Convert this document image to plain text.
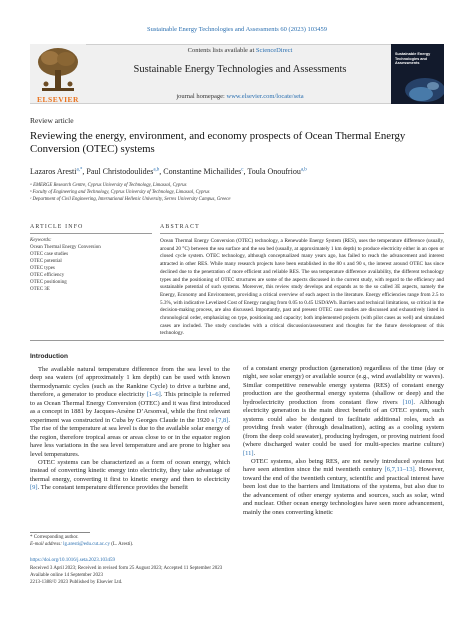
Sustainable Energy Technologies and Assessments 60 (2023) 103459
ELSEVIER
Contents lists available at ScienceDirect
Sustainable Energy Technologies and Assessments
journal homepage: www.elsevier.com/locate/seta
Sustainable Energy Technologies and Assessments
Review article
Reviewing the energy, environment, and economy prospects of Ocean Thermal Energy Conversion (OTEC) systems
Lazaros Aresti$^{a,*}$, Paul Christodoulides$^{a,b}$, Constantine Michailides$^c$, Toula Onoufriou$^{a,b}$
ᵃ EMERGE Research Centre, Cyprus University of Technology, Limassol, Cyprus
ᵇ Faculty of Engineering and Technology, Cyprus University of Technology, Limassol, Cyprus
ᶜ Department of Civil Engineering, International Hellenic University, Serres University Campus, Greece
ARTICLE INFO	ABSTRACT
Keywords:
Ocean Thermal Energy Conversion
OTEC case studies
OTEC potential
OTEC types
OTEC efficiency
OTEC positioning
OTEC 3E
Ocean Thermal Energy Conversion (OTEC) technology, a Renewable Energy System (RES), uses the temperature difference (usually, around 20 °C) between the sea surface and the sea bed (usually, at approximately 1 km depth) to produce electricity either in an open or closed cycle system. OTEC technology, although conceptualized many years ago, has failed to reach the advancement and interest attracted in other RES. While many research projects have been established in the 80 s and 90 s, the interest around OTEC has since declined due to the penetration of more efficient and reliable RES. The sea temperature difference availability, the different technology types and the positioning of OTEC structures are some of the aspects discussed in the current study, with regard to the efficiency and sustainable potential of such systems. Moreover, this review study develops and expands as to the so called 3E aspects, namely the Energy, Economy and Environment, providing a critical overview of each aspect in the literature. Energy efficiencies range from 2.5 to 5.3%, with indicative Levelized Cost of Energy ranging from 0.05 to 0.45 USD/kWh. Barriers and technical limitations, so critical in the decision-making process, are also discussed. Importantly, past and present OTEC case studies are discussed and exhaustively listed in chronological order, emphasizing on type, positioning and capacity; both implemented projects (with pilot cases as well) and simulated cases are included. The study concludes with a critical discussion/assessment and thoughts for the future development of this technology.
Introduction

The available natural temperature difference from the sea level to the deep sea waters (of approximately 1 km depth) can be used with known thermodynamic cycles (such as the Rankine Cycle) to drive a turbine and, therefore, a generator to produce electricity [1–6]. This principle is referred to as Ocean Thermal Energy Conversion (OTEC) and it was first introduced as a concept in 1881 by Jacques-Arsène D’Arsonval, while the first relevant experiment was constructed in Cuba by Georges Claude in the 1920 s [7,8]. The rise of the temperature at sea level is due to the available solar energy of the region, therefore tropical areas or areas close to or in the equator region have less variations in the sea level temperature and are prone to higher sea level temperatures.

OTEC systems can be characterized as a form of ocean energy, which instead of converting kinetic energy into electricity, they take advantage of thermal energy, converting it first to kinetic energy and then to electricity [9]. The constant temperature difference provides the benefit

of a constant energy production (generation) regardless of the time (day or night, see solar energy) or available source (e.g., wind availability or waves). Similar competitive renewable energy systems (RES) of constant energy production are the geothermal energy systems (shallow or deep) and the hydroelectricity production from constant flow rivers [10]. Although electricity generation is the main direct benefit of an OTEC system, such systems could also be designed to facilitate additional roles, such as providing fresh water (through desalination), acting as a cooling system (from the deep cold seawater), producing hydrogen, or proving nutrient food (where discharged water could be used for multi-species marine culture) [11].

OTEC systems, also being RES, are not newly introduced systems but have seen attention since the mid twentieth century [6,7,11–13]. However, toward the end of the twentieth century, scientific and practical interest have been lost due to the barriers and limitations of the systems, but also due to the advancement of other energy systems and sources, such as solar, wind and nuclear. Other ocean energy technologies have seen more advancement, mainly the ones converting kinetic

* Corresponding author.
E-mail address: lg.aresti@edu.cut.ac.cy (L. Aresti).
https://doi.org/10.1016/j.seta.2023.103459
Received 3 April 2023; Received in revised form 25 August 2023; Accepted 11 September 2023
Available online 14 September 2023
2213-1388/© 2023 Published by Elsevier Ltd.
